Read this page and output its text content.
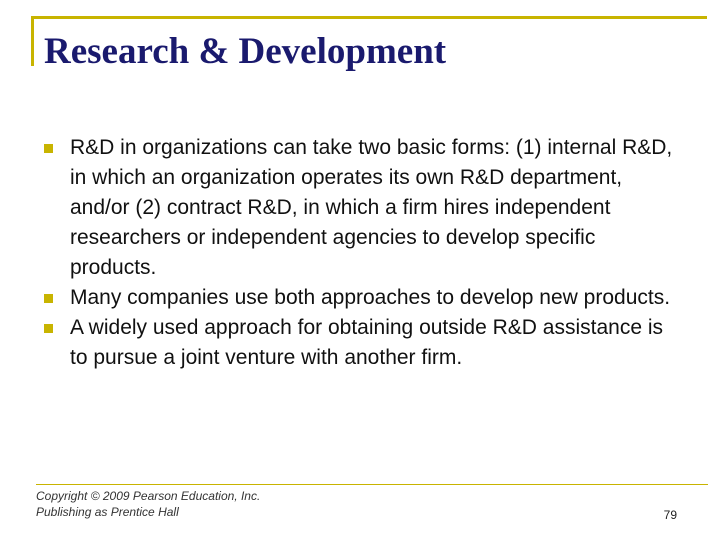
Research & Development
R&D in organizations can take two basic forms: (1) internal R&D, in which an organization operates its own R&D department, and/or (2) contract R&D, in which a firm hires independent researchers or independent agencies to develop specific products.
Many companies use both approaches to develop new products.
A widely used approach for obtaining outside R&D assistance is to pursue a joint venture with another firm.
Copyright © 2009 Pearson Education, Inc.
Publishing as Prentice Hall	79
